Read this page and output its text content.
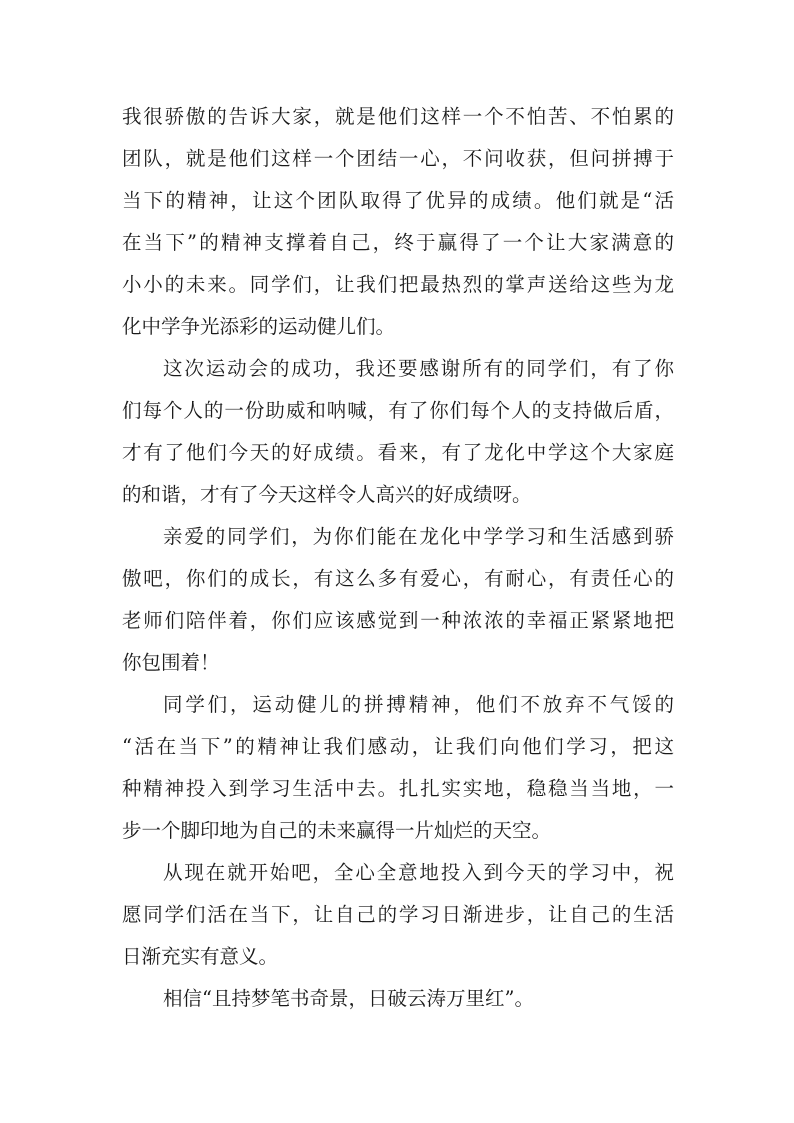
我很骄傲的告诉大家，就是他们这样一个不怕苦、不怕累的
团队，就是他们这样一个团结一心，不问收获，但问拼搏于
当下的精神，让这个团队取得了优异的成绩。他们就是“活
在当下”的精神支撑着自己，终于赢得了一个让大家满意的
小小的未来。同学们，让我们把最热烈的掌声送给这些为龙
化中学争光添彩的运动健儿们。
这次运动会的成功，我还要感谢所有的同学们，有了你
们每个人的一份助威和呐喊，有了你们每个人的支持做后盾，
才有了他们今天的好成绩。看来，有了龙化中学这个大家庭
的和谐，才有了今天这样令人高兴的好成绩呀。
亲爱的同学们，为你们能在龙化中学学习和生活感到骄
傲吧，你们的成长，有这么多有爱心，有耐心，有责任心的
老师们陪伴着，你们应该感觉到一种浓浓的幸福正紧紧地把
你包围着！
同学们，运动健儿的拼搏精神，他们不放弃不气馁的
“活在当下”的精神让我们感动，让我们向他们学习，把这
种精神投入到学习生活中去。扎扎实实地，稳稳当当地，一
步一个脚印地为自己的未来赢得一片灿烂的天空。
从现在就开始吧，全心全意地投入到今天的学习中，祝
愿同学们活在当下，让自己的学习日渐进步，让自己的生活
日渐充实有意义。
相信“且持梦笔书奇景，日破云涛万里红”。
